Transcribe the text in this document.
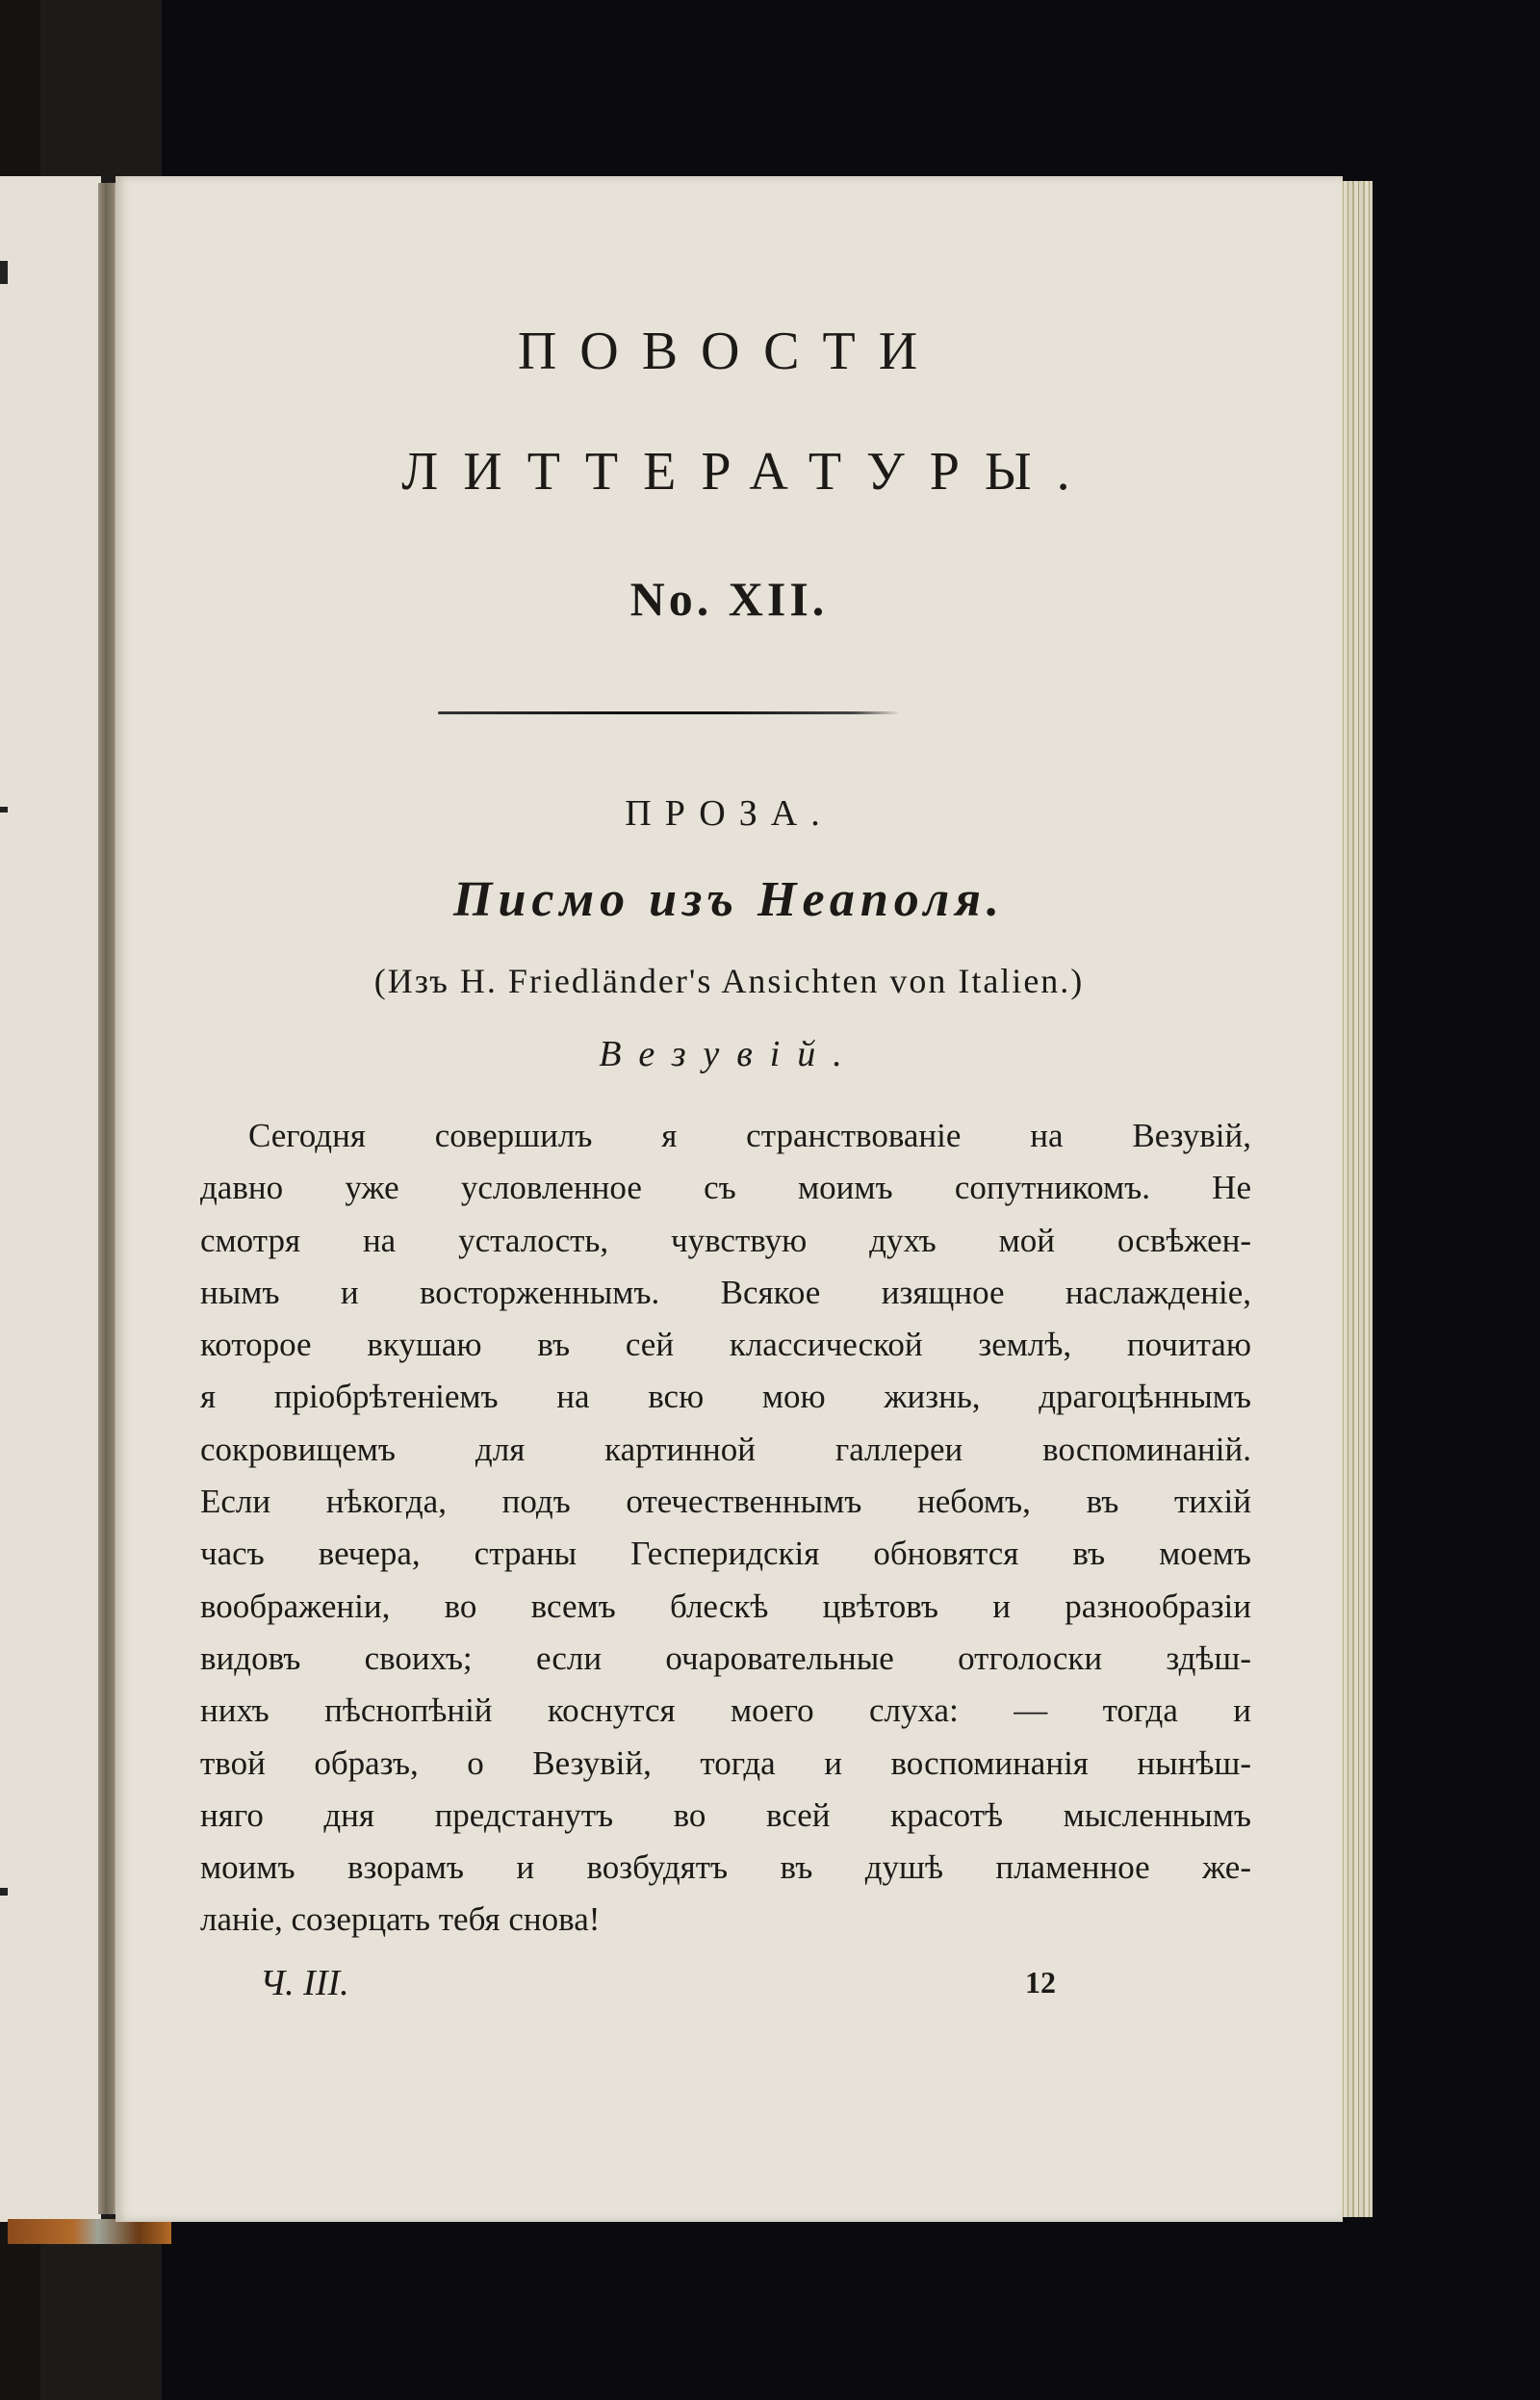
ПОВОСТИ
ЛИТТЕРАТУРЫ.
No. XII.
ПРОЗА.
Писмо изъ Неаполя.
(Изъ H. Friedländer's Ansichten von Italien.)
Везувій.
Сегодня совершилъ я странствованіе на Везувій,
давно уже условленное съ моимъ сопутникомъ. Не
смотря на усталость, чувствую духъ мой освѣжен-
нымъ и восторженнымъ. Всякое изящное наслажденіе,
которое вкушаю въ сей классической землѣ, почитаю
я пріобрѣтеніемъ на всю мою жизнь, драгоцѣннымъ
сокровищемъ для картинной галлереи воспоминаній.
Если нѣкогда, подъ отечественнымъ небомъ, въ тихій
часъ вечера, страны Гесперидскія обновятся въ моемъ
воображеніи, во всемъ блескѣ цвѣтовъ и разнообразіи
видовъ своихъ; если очаровательные отголоски здѣш-
нихъ пѣснопѣній коснутся моего слуха: — тогда и
твой образъ, о Везувій, тогда и воспоминанія нынѣш-
няго дня предстанутъ во всей красотѣ мысленнымъ
моимъ взорамъ и возбудятъ въ душѣ пламенное же-
ланіе, созерцать тебя снова!
Ч. III.	12
